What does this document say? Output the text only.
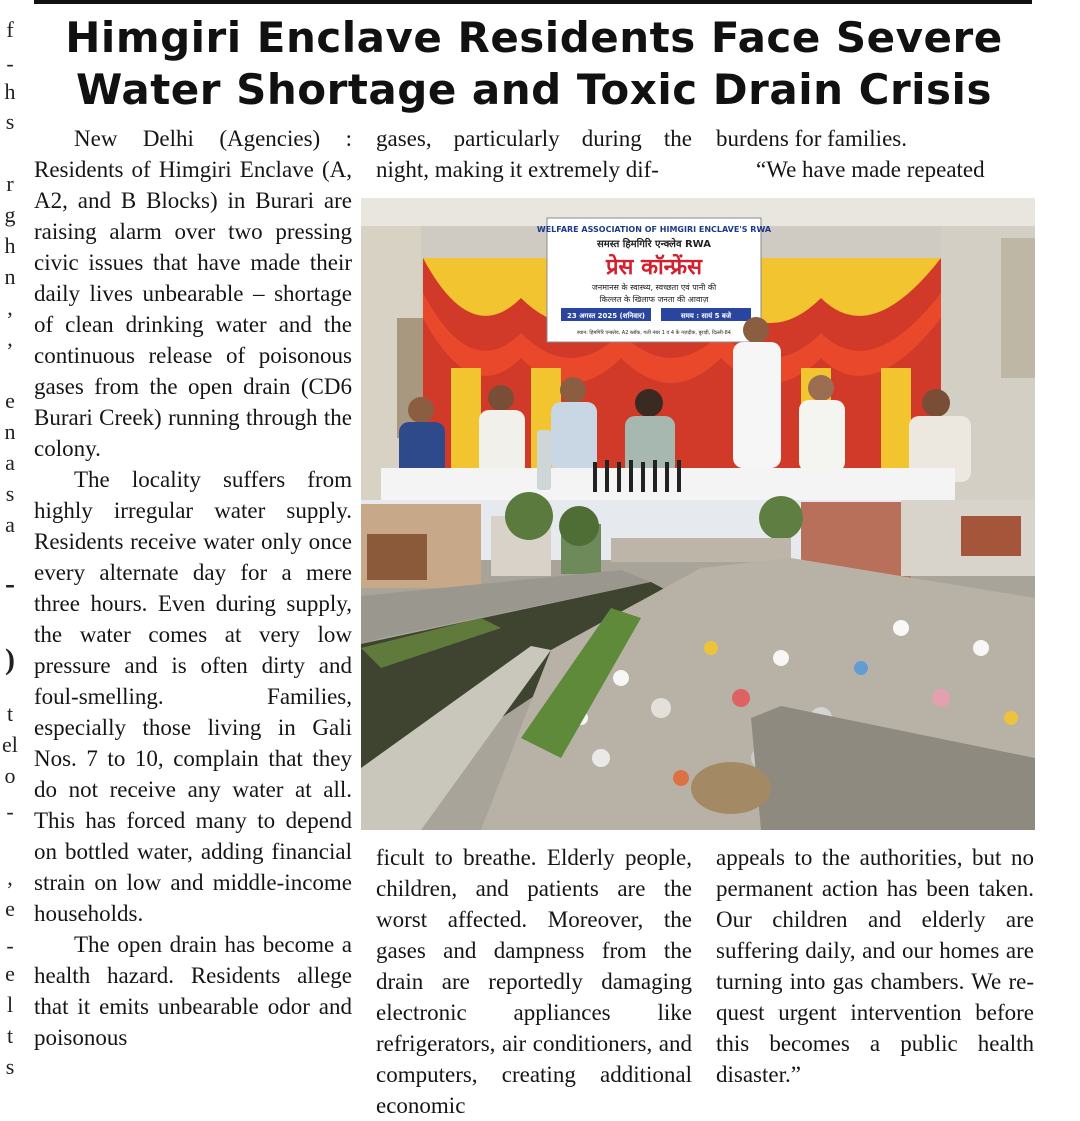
f
-
h
s
r
g
h
n
,
,
e
n
a
s
a
-
)
t
el
o
-
,
e
-
e
l
t
s
Himgiri Enclave Residents Face Severe
Water Shortage and Toxic Drain Crisis

New Delhi (Agencies) : Residents of Himgiri Enclave (A, A2, and B Blocks) in Burari are raising alarm over two pressing civic issues that have made their daily lives unbearable – shortage of clean drinking water and the continuous release of poisonous gases from the open drain (CD6 Burari Creek) running through the colony.

The locality suffers from highly irregular water supply. Residents receive water only once every alternate day for a mere three hours. Even during supply, the water comes at very low pressure and is often dirty and foul-smelling. Families, especially those living in Gali Nos. 7 to 10, complain that they do not receive any water at all. This has forced many to depend on bottled water, adding financial strain on low and middle-income households.

The open drain has become a health hazard. Residents allege that it emits unbearable odor and poisonous

gases, particularly during the night, making it extremely dif-

burdens for families.

“We have made repeated

WELFARE ASSOCIATION OF HIMGIRI ENCLAVE'S RWA
समस्त हिमगिरि एन्क्लेव RWA
प्रेस कॉन्फ्रेंस
जनमानस के स्वास्थ्य, स्वच्छता एवं पानी की
किल्लत के खिलाफ जनता की आवाज़
23 अगस्त 2025 (शनिवार)	समय : सायं 5 बजे
स्थान: हिमगिरि एन्क्लेव, A2 ब्लॉक, गली नंबर 1 व 4 के नज़दीक, बुराड़ी, दिल्ली-84

ficult to breathe. Elderly people, children, and patients are the worst affected. Moreover, the gases and dampness from the drain are reportedly damaging electronic appliances like refrigerators, air conditioners, and computers, creating additional economic

appeals to the authorities, but no permanent action has been taken. Our children and elderly are suffering daily, and our homes are turning into gas chambers. We request urgent intervention before this becomes a public health disaster.”
